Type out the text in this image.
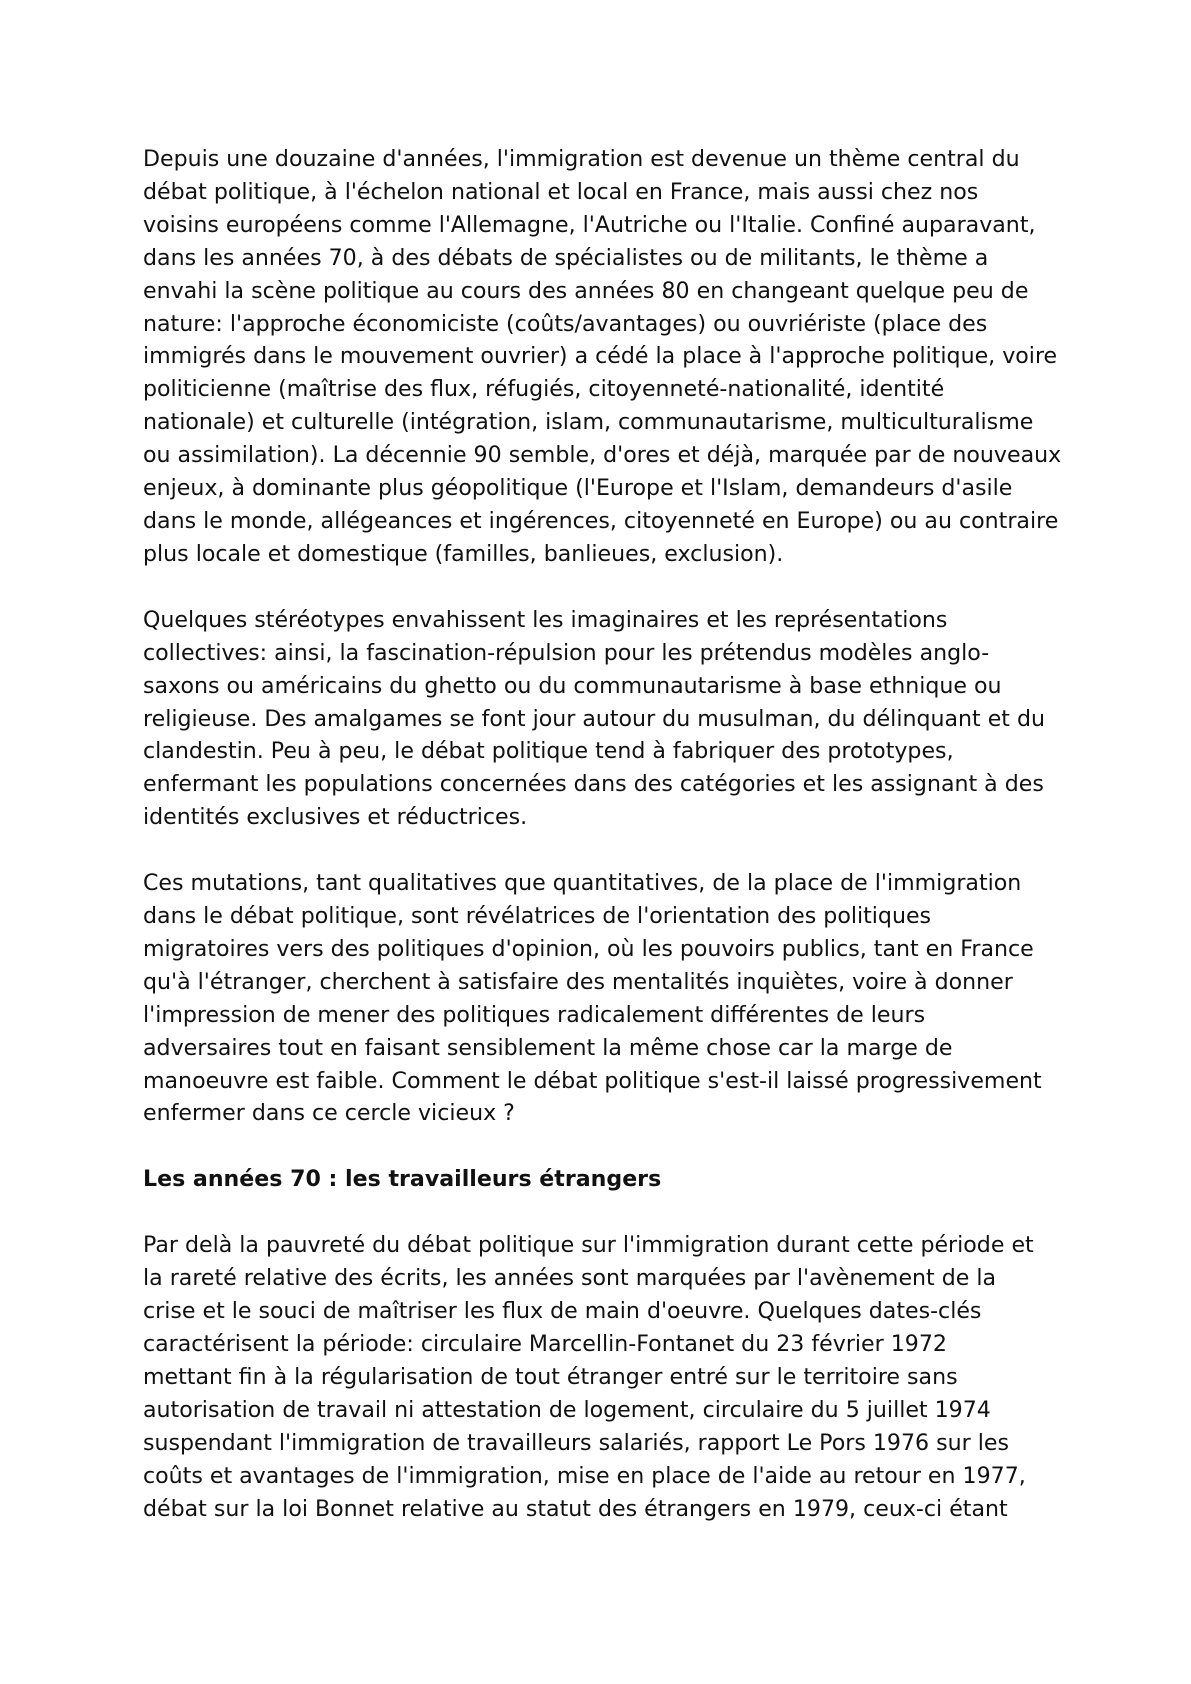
Depuis une douzaine d'années, l'immigration est devenue un thème central du
débat politique, à l'échelon national et local en France, mais aussi chez nos
voisins européens comme l'Allemagne, l'Autriche ou l'Italie. Confiné auparavant,
dans les années 70, à des débats de spécialistes ou de militants, le thème a
envahi la scène politique au cours des années 80 en changeant quelque peu de
nature: l'approche économiciste (coûts/avantages) ou ouvriériste (place des
immigrés dans le mouvement ouvrier) a cédé la place à l'approche politique, voire
politicienne (maîtrise des flux, réfugiés, citoyenneté-nationalité, identité
nationale) et culturelle (intégration, islam, communautarisme, multiculturalisme
ou assimilation). La décennie 90 semble, d'ores et déjà, marquée par de nouveaux
enjeux, à dominante plus géopolitique (l'Europe et l'Islam, demandeurs d'asile
dans le monde, allégeances et ingérences, citoyenneté en Europe) ou au contraire
plus locale et domestique (familles, banlieues, exclusion).

Quelques stéréotypes envahissent les imaginaires et les représentations
collectives: ainsi, la fascination-répulsion pour les prétendus modèles anglo-
saxons ou américains du ghetto ou du communautarisme à base ethnique ou
religieuse. Des amalgames se font jour autour du musulman, du délinquant et du
clandestin. Peu à peu, le débat politique tend à fabriquer des prototypes,
enfermant les populations concernées dans des catégories et les assignant à des
identités exclusives et réductrices.

Ces mutations, tant qualitatives que quantitatives, de la place de l'immigration
dans le débat politique, sont révélatrices de l'orientation des politiques
migratoires vers des politiques d'opinion, où les pouvoirs publics, tant en France
qu'à l'étranger, cherchent à satisfaire des mentalités inquiètes, voire à donner
l'impression de mener des politiques radicalement différentes de leurs
adversaires tout en faisant sensiblement la même chose car la marge de
manoeuvre est faible. Comment le débat politique s'est-il laissé progressivement
enfermer dans ce cercle vicieux ?

Les années 70 : les travailleurs étrangers

Par delà la pauvreté du débat politique sur l'immigration durant cette période et
la rareté relative des écrits, les années sont marquées par l'avènement de la
crise et le souci de maîtriser les flux de main d'oeuvre. Quelques dates-clés
caractérisent la période: circulaire Marcellin-Fontanet du 23 février 1972
mettant fin à la régularisation de tout étranger entré sur le territoire sans
autorisation de travail ni attestation de logement, circulaire du 5 juillet 1974
suspendant l'immigration de travailleurs salariés, rapport Le Pors 1976 sur les
coûts et avantages de l'immigration, mise en place de l'aide au retour en 1977,
débat sur la loi Bonnet relative au statut des étrangers en 1979, ceux-ci étant
